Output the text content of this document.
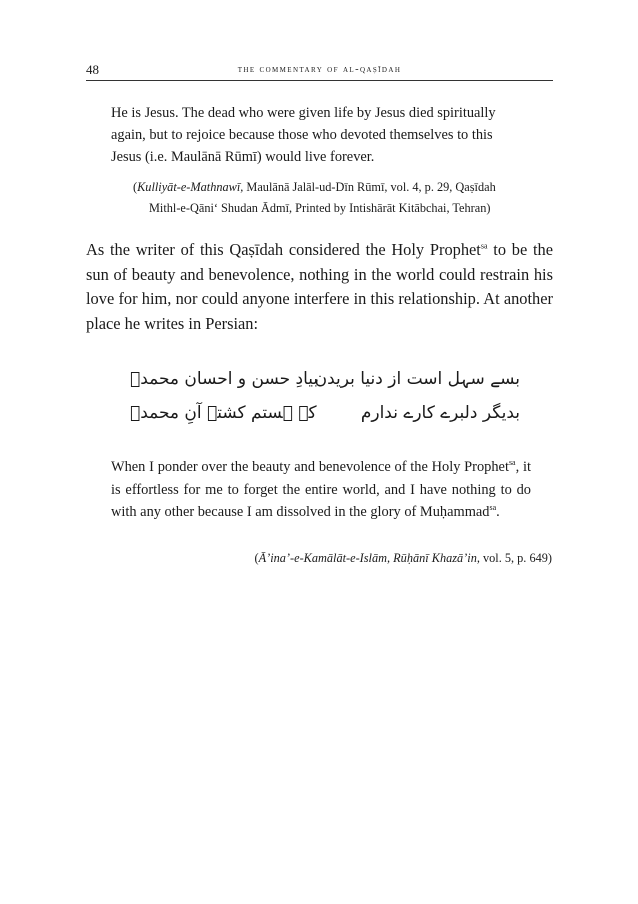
48	the commentary of al-qaṣīdah

He is Jesus. The dead who were given life by Jesus died spiritually

again, but to rejoice because those who devoted themselves to this

Jesus (i.e. Maulānā Rūmī) would live forever.

(Kulliyāt-e-Mathnawī, Maulānā Jalāl-ud-Dīn Rūmī, vol. 4, p. 29, Qaṣīdah
Mithl-e-Qāni‘ Shudan Ādmī, Printed by Intishārāt Kitābchai, Tehran)

As the writer of this Qaṣīdah considered the Holy Prophet$^{sa}$ to be the sun of beauty and benevolence, nothing in the world could restrain his love for him, nor could anyone interfere in this relationship. At another place he writes in Persian:

بسے سہل است از دنیا بریدن
بیادِ حسن و احسان محمدؐ
بدیگر دلبرے کارے ندارم
کہ ہستم کشتۂ آنِ محمدؐ

When I ponder over the beauty and benevolence of the Holy Prophet$^{sa}$, it is effortless for me to forget the entire world, and I have nothing to do with any other because I am dissolved in the glory of Muḥammad$^{sa}$.

(Ā’ina’-e-Kamālāt-e-Islām, Rūḥānī Khazā’in, vol. 5, p. 649)
